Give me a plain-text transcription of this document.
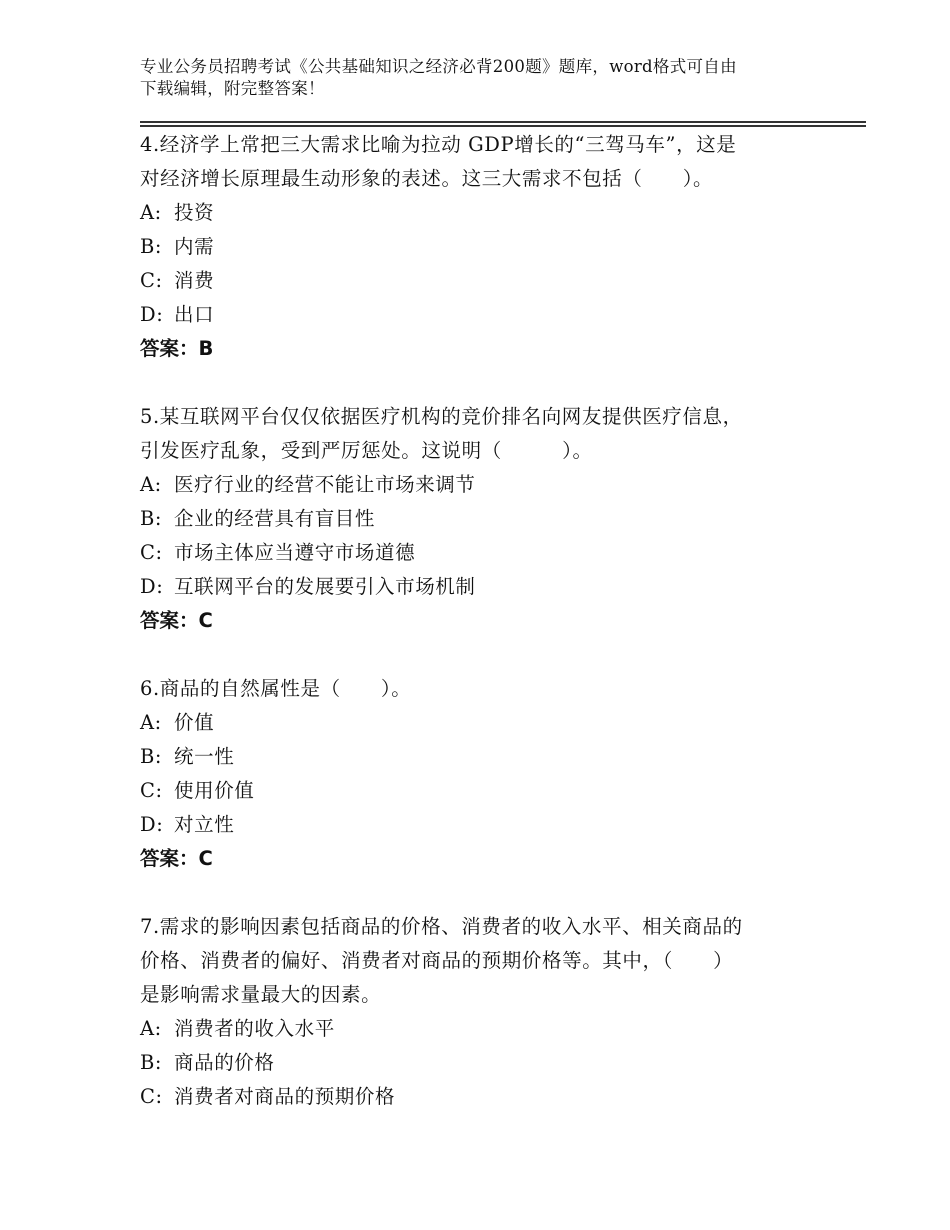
专业公务员招聘考试《公共基础知识之经济必背200题》题库，word格式可自由
下载编辑，附完整答案！
4.经济学上常把三大需求比喻为拉动 GDP增长的“三驾马车”，这是
对经济增长原理最生动形象的表述。这三大需求不包括（　　）。
A: 投资
B: 内需
C: 消费
D: 出口
答案：B
5.某互联网平台仅仅依据医疗机构的竞价排名向网友提供医疗信息，
引发医疗乱象，受到严厉惩处。这说明（　　　）。
A: 医疗行业的经营不能让市场来调节
B: 企业的经营具有盲目性
C: 市场主体应当遵守市场道德
D: 互联网平台的发展要引入市场机制
答案：C
6.商品的自然属性是（　　）。
A: 价值
B: 统一性
C: 使用价值
D: 对立性
答案：C
7.需求的影响因素包括商品的价格、消费者的收入水平、相关商品的
价格、消费者的偏好、消费者对商品的预期价格等。其中，（　　）
是影响需求量最大的因素。
A: 消费者的收入水平
B: 商品的价格
C: 消费者对商品的预期价格
